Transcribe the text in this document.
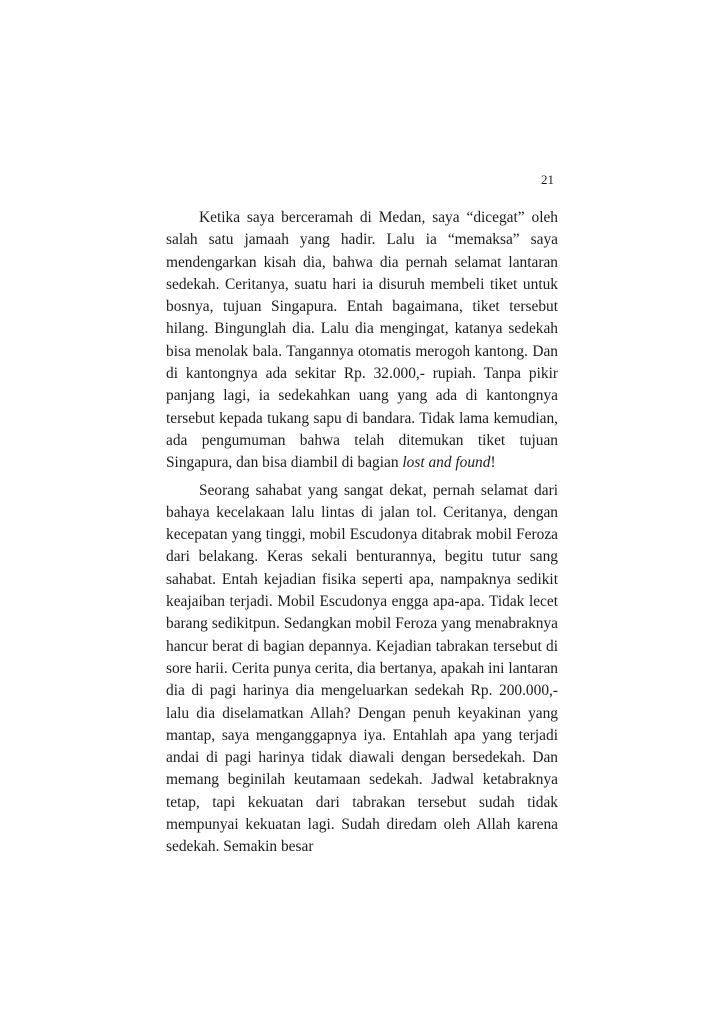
21

Ketika saya berceramah di Medan, saya “dicegat” oleh salah satu jamaah yang hadir. Lalu ia “memaksa” saya mendengarkan kisah dia, bahwa dia pernah selamat lantaran sedekah. Ceritanya, suatu hari ia disuruh membeli tiket untuk bosnya, tujuan Singapura. Entah bagaimana, tiket tersebut hilang. Bingunglah dia. Lalu dia mengingat, katanya sedekah bisa menolak bala. Tangannya otomatis merogoh kantong. Dan di kantongnya ada sekitar Rp. 32.000,- rupiah. Tanpa pikir panjang lagi, ia sedekahkan uang yang ada di kantongnya tersebut kepada tukang sapu di bandara. Tidak lama kemudian, ada pengumuman bahwa telah ditemukan tiket tujuan Singapura, dan bisa diambil di bagian lost and found!

Seorang sahabat yang sangat dekat, pernah selamat dari bahaya kecelakaan lalu lintas di jalan tol. Ceritanya, dengan kecepatan yang tinggi, mobil Escudonya ditabrak mobil Feroza dari belakang. Keras sekali benturannya, begitu tutur sang sahabat. Entah kejadian fisika seperti apa, nampaknya sedikit keajaiban terjadi. Mobil Escudonya engga apa-apa. Tidak lecet barang sedikitpun. Sedangkan mobil Feroza yang menabraknya hancur berat di bagian depannya. Kejadian tabrakan tersebut di sore harii. Cerita punya cerita, dia bertanya, apakah ini lantaran dia di pagi harinya dia mengeluarkan sedekah Rp. 200.000,- lalu dia diselamatkan Allah? Dengan penuh keyakinan yang mantap, saya menganggapnya iya. Entahlah apa yang terjadi andai di pagi harinya tidak diawali dengan bersedekah. Dan memang beginilah keutamaan sedekah. Jadwal ketabraknya tetap, tapi kekuatan dari tabrakan tersebut sudah tidak mempunyai kekuatan lagi. Sudah diredam oleh Allah karena sedekah. Semakin besar
